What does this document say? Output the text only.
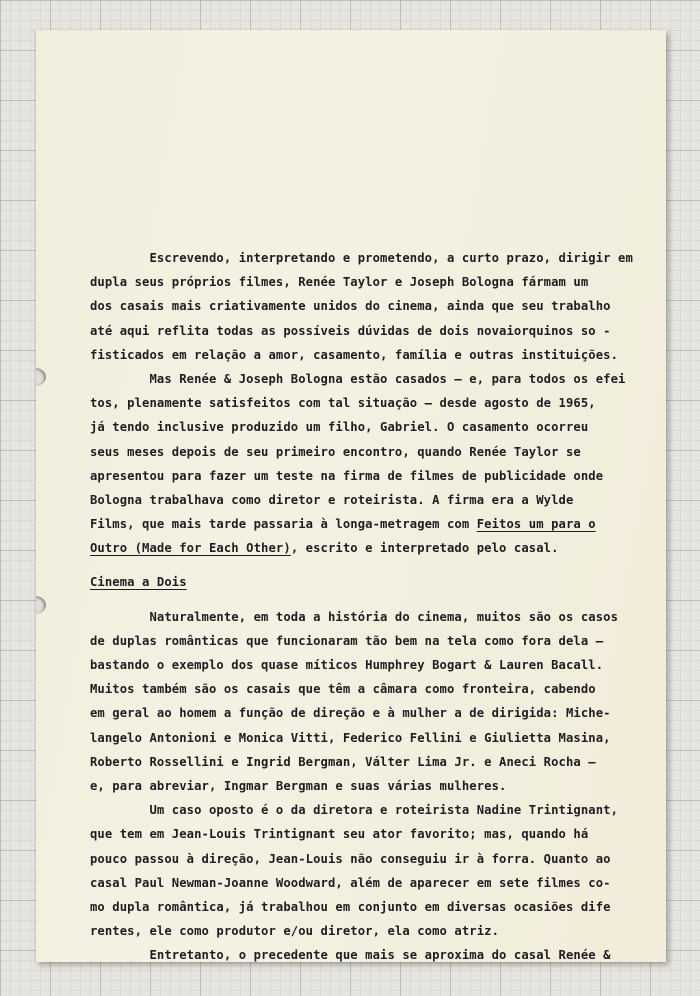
Escrevendo, interpretando e prometendo, a curto prazo, dirigir em
dupla seus próprios filmes, Renée Taylor e Joseph Bologna fármam um
dos casais mais criativamente unidos do cinema, ainda que seu trabalho
até aqui reflita todas as possíveis dúvidas de dois novaiorquinos so -
fisticados em relação a amor, casamento, família e outras instituições.
Mas Renée & Joseph Bologna estão casados — e, para todos os efei
tos, plenamente satisfeitos com tal situação — desde agosto de 1965,
já tendo inclusive produzido um filho, Gabriel. O casamento ocorreu
seus meses depois de seu primeiro encontro, quando Renée Taylor se
apresentou para fazer um teste na firma de filmes de publicidade onde
Bologna trabalhava como diretor e roteirista. A firma era a Wylde
Films, que mais tarde passaria à longa-metragem com Feitos um para o
Outro (Made for Each Other), escrito e interpretado pelo casal.
Cinema a Dois
Naturalmente, em toda a história do cinema, muitos são os casos
de duplas românticas que funcionaram tão bem na tela como fora dela —
bastando o exemplo dos quase míticos Humphrey Bogart & Lauren Bacall.
Muitos também são os casais que têm a câmara como fronteira, cabendo
em geral ao homem a função de direção e à mulher a de dirigida: Miche-
langelo Antonioni e Monica Vitti, Federico Fellini e Giulietta Masina,
Roberto Rossellini e Ingrid Bergman, Válter Lima Jr. e Aneci Rocha —
e, para abreviar, Ingmar Bergman e suas várias mulheres.
Um caso oposto é o da diretora e roteirista Nadine Trintignant,
que tem em Jean-Louis Trintignant seu ator favorito; mas, quando há
pouco passou à direção, Jean-Louis não conseguiu ir à forra. Quanto ao
casal Paul Newman-Joanne Woodward, além de aparecer em sete filmes co-
mo dupla romântica, já trabalhou em conjunto em diversas ocasiões dife
rentes, ele como produtor e/ou diretor, ela como atriz.
Entretanto, o precedente que mais se aproxima do casal Renée &
